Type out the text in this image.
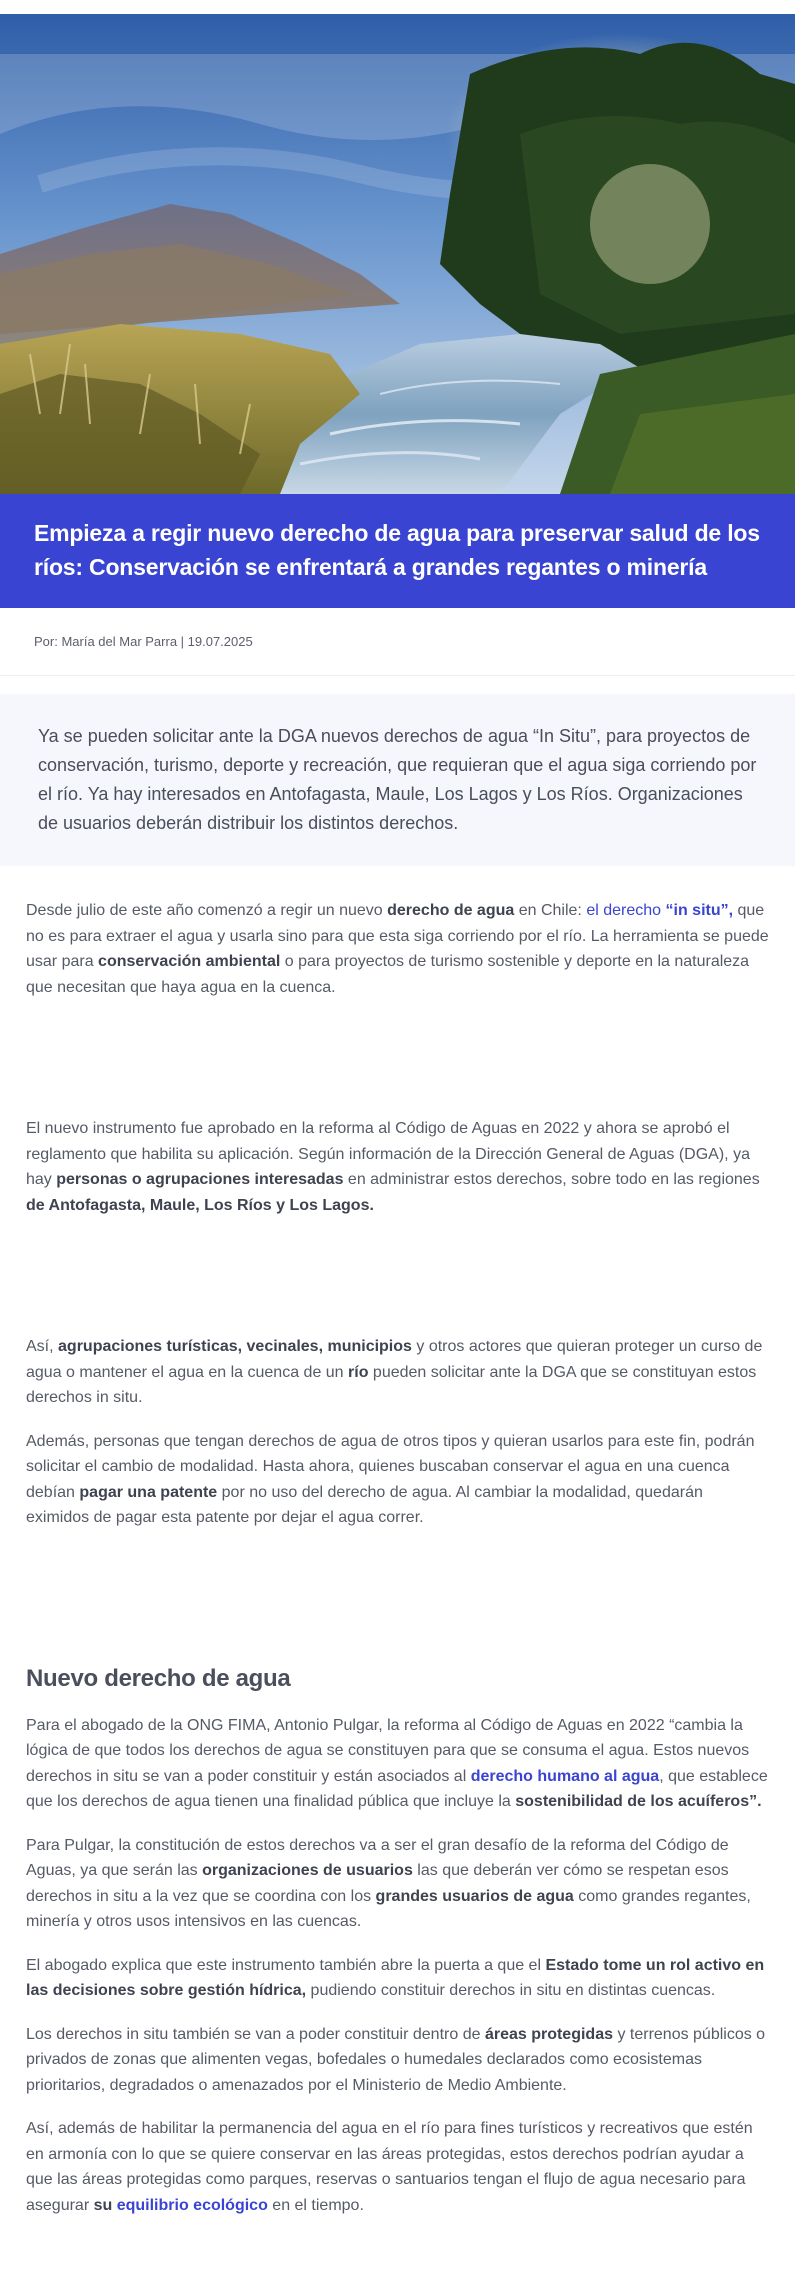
Empieza a regir nuevo derecho de agua para preservar salud de los ríos: Conservación se enfrentará a grandes regantes o minería
Por: María del Mar Parra | 19.07.2025

Ya se pueden solicitar ante la DGA nuevos derechos de agua “In Situ”, para proyectos de conservación, turismo, deporte y recreación, que requieran que el agua siga corriendo por el río. Ya hay interesados en Antofagasta, Maule, Los Lagos y Los Ríos. Organizaciones de usuarios deberán distribuir los distintos derechos.

Desde julio de este año comenzó a regir un nuevo derecho de agua en Chile: el derecho “in situ”, que no es para extraer el agua y usarla sino para que esta siga corriendo por el río. La herramienta se puede usar para conservación ambiental o para proyectos de turismo sostenible y deporte en la naturaleza que necesitan que haya agua en la cuenca.

El nuevo instrumento fue aprobado en la reforma al Código de Aguas en 2022 y ahora se aprobó el reglamento que habilita su aplicación. Según información de la Dirección General de Aguas (DGA), ya hay personas o agrupaciones interesadas en administrar estos derechos, sobre todo en las regiones de Antofagasta, Maule, Los Ríos y Los Lagos.

Así, agrupaciones turísticas, vecinales, municipios y otros actores que quieran proteger un curso de agua o mantener el agua en la cuenca de un río pueden solicitar ante la DGA que se constituyan estos derechos in situ.

Además, personas que tengan derechos de agua de otros tipos y quieran usarlos para este fin, podrán solicitar el cambio de modalidad. Hasta ahora, quienes buscaban conservar el agua en una cuenca debían pagar una patente por no uso del derecho de agua. Al cambiar la modalidad, quedarán eximidos de pagar esta patente por dejar el agua correr.

Nuevo derecho de agua

Para el abogado de la ONG FIMA, Antonio Pulgar, la reforma al Código de Aguas en 2022 “cambia la lógica de que todos los derechos de agua se constituyen para que se consuma el agua. Estos nuevos derechos in situ se van a poder constituir y están asociados al derecho humano al agua, que establece que los derechos de agua tienen una finalidad pública que incluye la sostenibilidad de los acuíferos”.

Para Pulgar, la constitución de estos derechos va a ser el gran desafío de la reforma del Código de Aguas, ya que serán las organizaciones de usuarios las que deberán ver cómo se respetan esos derechos in situ a la vez que se coordina con los grandes usuarios de agua como grandes regantes, minería y otros usos intensivos en las cuencas.

El abogado explica que este instrumento también abre la puerta a que el Estado tome un rol activo en las decisiones sobre gestión hídrica, pudiendo constituir derechos in situ en distintas cuencas.

Los derechos in situ también se van a poder constituir dentro de áreas protegidas y terrenos públicos o privados de zonas que alimenten vegas, bofedales o humedales declarados como ecosistemas prioritarios, degradados o amenazados por el Ministerio de Medio Ambiente.

Así, además de habilitar la permanencia del agua en el río para fines turísticos y recreativos que estén en armonía con lo que se quiere conservar en las áreas protegidas, estos derechos podrían ayudar a que las áreas protegidas como parques, reservas o santuarios tengan el flujo de agua necesario para asegurar su equilibrio ecológico en el tiempo.
